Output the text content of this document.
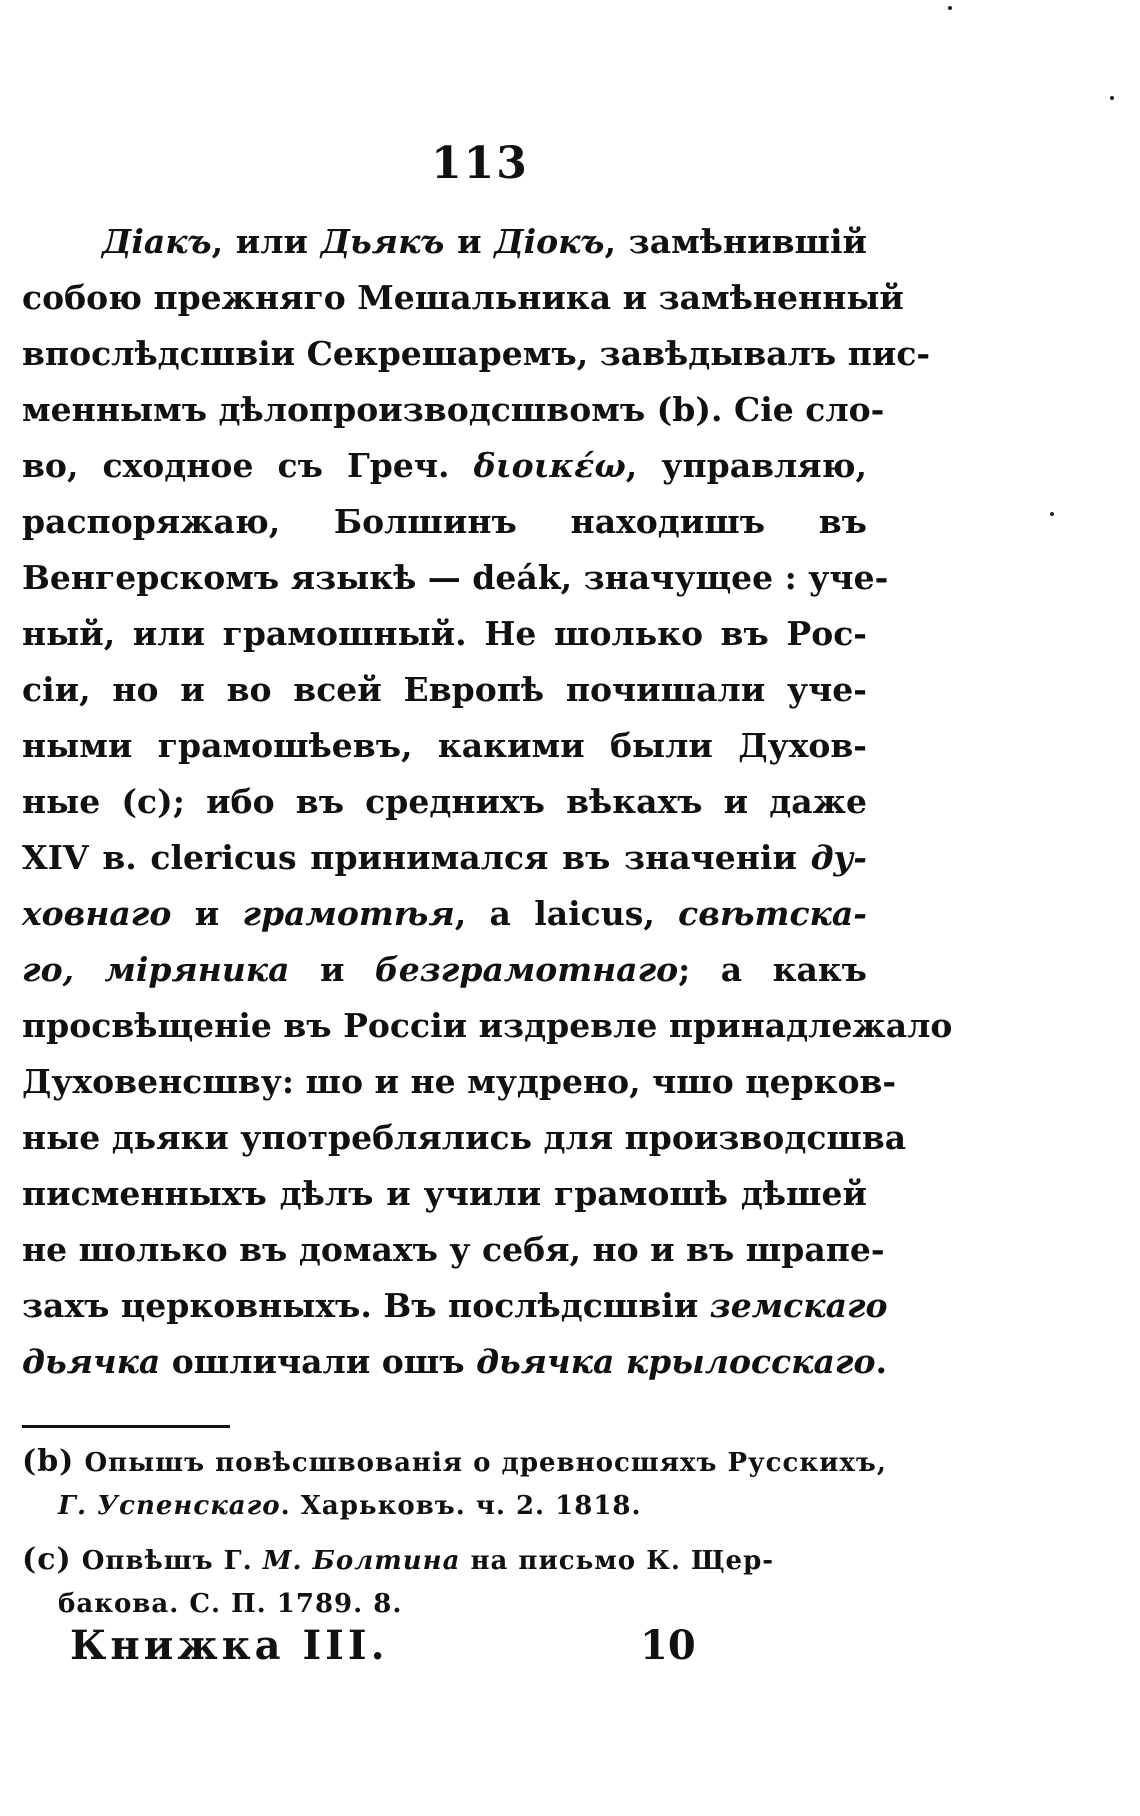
113
Діакъ, или Дьякъ и Діокъ, замѣнившій
собою прежняго Мешальника и замѣненный
впослѣдсшвіи Секрешаремъ, завѣдывалъ пис-
меннымъ дѣлопроизводсшвомъ (b). Сіе сло-
во, сходное съ Греч. διοικέω, управляю,
распоряжаю, Болшинъ находишъ въ
Венгерскомъ языкѣ — deák, значущее : уче-
ный, или грамошный. Не шолько въ Рос-
сіи, но и во всей Европѣ почишали уче-
ными грамошѣевъ, какими были Духов-
ные (с); ибо въ среднихъ вѣкахъ и даже
XIV в. clericus принимался въ значеніи ду-
ховнаго и грамотѣя, а laicus, свѣтска-
го, міряника и безграмотнаго; а какъ
просвѣщеніе въ Россіи издревле принадлежало
Духовенсшву: шо и не мудрено, чшо церков-
ные дьяки употреблялись для производсшва
писменныхъ дѣлъ и учили грамошѣ дѣшей
не шолько въ домахъ у себя, но и въ шрапе-
захъ церковныхъ. Въ послѣдсшвіи земскаго
дьячка ошличали ошъ дьячка крылосскаго.
(b) Опышъ повѣсшвованія о древносшяхъ Русскихъ,
Г. Успенскаго. Харьковъ. ч. 2. 1818.
(c) Опвѣшъ Г. М. Болтина на письмо К. Щер-
бакова. С. П. 1789. 8.
Книжка III.	10
